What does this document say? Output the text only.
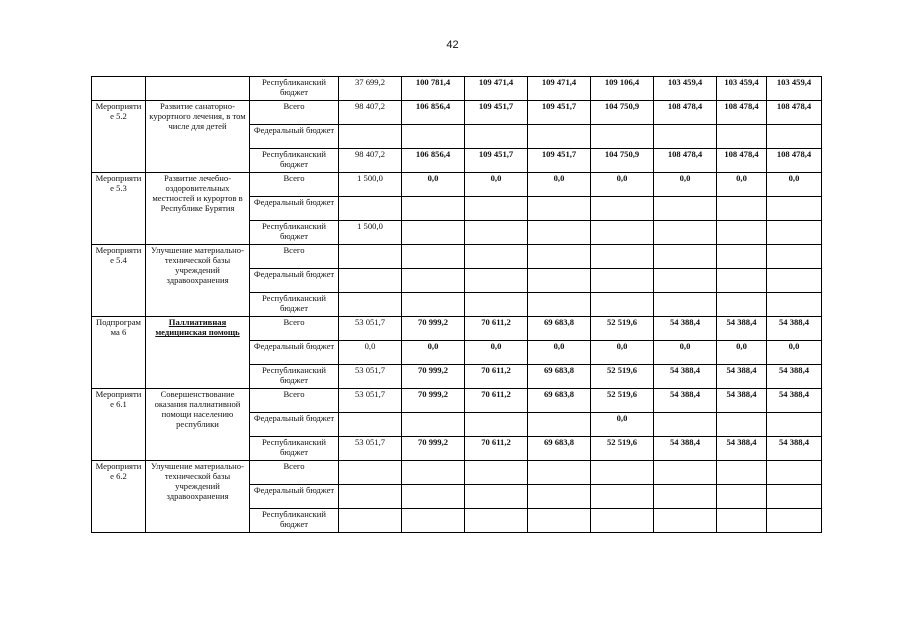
42
		Республиканский бюджет	37 699,2	100 781,4	109 471,4	109 471,4	109 106,4	103 459,4	103 459,4	103 459,4
Мероприятие 5.2	Развитие санаторно-курортного лечения, в том числе для детей	Всего	98 407,2	106 856,4	109 451,7	109 451,7	104 750,9	108 478,4	108 478,4	108 478,4
		Федеральный бюджет								
		Республиканский бюджет	98 407,2	106 856,4	109 451,7	109 451,7	104 750,9	108 478,4	108 478,4	108 478,4
Мероприятие 5.3	Развитие лечебно-оздоровительных местностей и курортов в Республике Бурятия	Всего	1 500,0	0,0	0,0	0,0	0,0	0,0	0,0	0,0
		Федеральный бюджет								
		Республиканский бюджет	1 500,0							
Мероприятие 5.4	Улучшение материально-технической базы учреждений здравоохранения	Всего								
		Федеральный бюджет								
		Республиканский бюджет								
Подпрограмма 6	Паллиативная медицинская помощь	Всего	53 051,7	70 999,2	70 611,2	69 683,8	52 519,6	54 388,4	54 388,4	54 388,4
		Федеральный бюджет	0,0	0,0	0,0	0,0	0,0	0,0	0,0	0,0
		Республиканский бюджет	53 051,7	70 999,2	70 611,2	69 683,8	52 519,6	54 388,4	54 388,4	54 388,4
Мероприятие 6.1	Совершенствование оказания паллиативной помощи населению республики	Всего	53 051,7	70 999,2	70 611,2	69 683,8	52 519,6	54 388,4	54 388,4	54 388,4
		Федеральный бюджет					0,0			
		Республиканский бюджет	53 051,7	70 999,2	70 611,2	69 683,8	52 519,6	54 388,4	54 388,4	54 388,4
Мероприятие 6.2	Улучшение материально-технической базы учреждений здравоохранения	Всего								
		Федеральный бюджет								
		Республиканский бюджет								
